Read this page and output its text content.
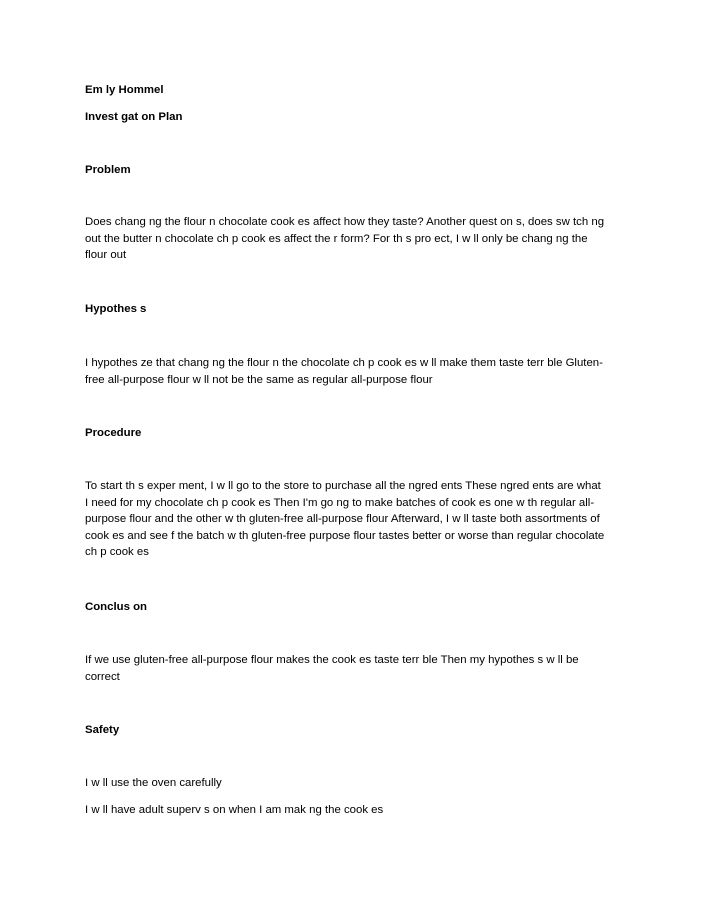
Em ly Hommel
Invest gat on Plan
Problem
Does chang ng the flour n chocolate cook es affect how they taste? Another quest on s, does sw tch ng
out the butter n chocolate ch p cook es affect the r form? For th s pro ect, I w ll only be chang ng the
flour out
Hypothes s
I hypothes ze that chang ng the flour n the chocolate ch p cook es w ll make them taste terr ble Gluten-
free all-purpose flour w ll not be the same as regular all-purpose flour
Procedure
To start th s exper ment, I w ll go to the store to purchase all the ngred ents These ngred ents are what
I need for my chocolate ch p cook es Then I'm go ng to make batches of cook es one w th regular all-
purpose flour and the other w th gluten-free all-purpose flour Afterward, I w ll taste both assortments of
cook es and see f the batch w th gluten-free purpose flour tastes better or worse than regular chocolate
ch p cook es
Conclus on
If we use gluten-free all-purpose flour makes the cook es taste terr ble Then my hypothes s w ll be
correct
Safety
I w ll use the oven carefully
I w ll have adult superv s on when I am mak ng the cook es
